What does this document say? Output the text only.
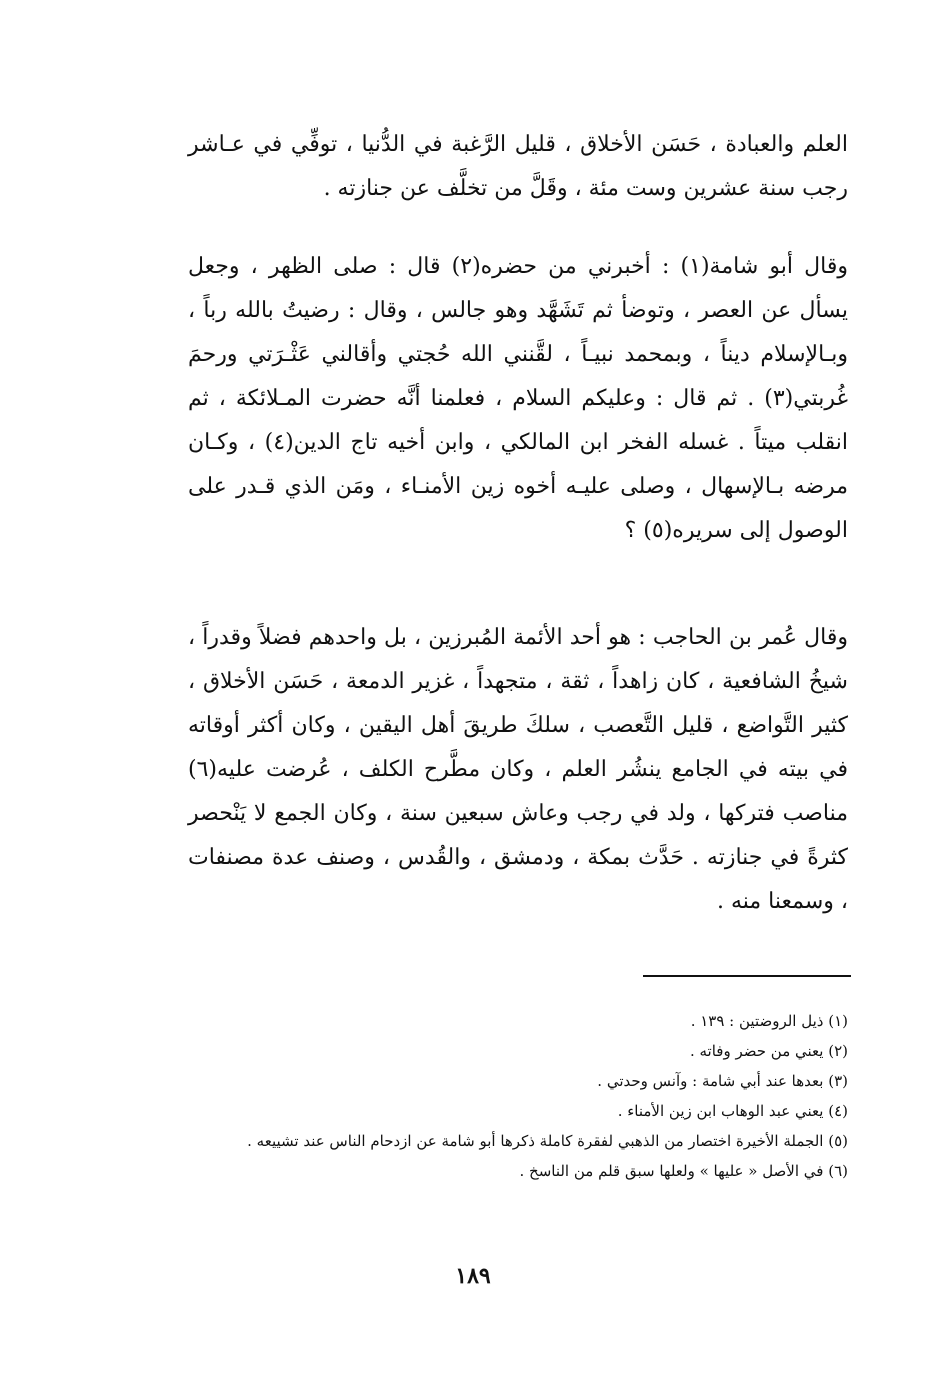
العلم والعبادة ، حَسَن الأخلاق ، قليل الرَّغبة في الدُّنيا ، توفِّي في عـاشر رجب سنة عشرين وست مئة ، وقَلَّ من تخلَّف عن جنازته .

وقال أبو شامة(١) : أخبرني من حضره(٢) قال : صلى الظهر ، وجعل يسأل عن العصر ، وتوضأ ثم تَشَهَّد وهو جالس ، وقال : رضيتُ بالله رباً ، وبـالإسلام ديناً ، وبمحمد نبيـاً ، لقَّنني الله حُجتي وأقالني عَثْـرَتي ورحمَ غُربتي(٣) . ثم قال : وعليكم السلام ، فعلمنا أنَّه حضرت المـلائكة ، ثم انقلب ميتاً . غسله الفخر ابن المالكي ، وابن أخيه تاج الدين(٤) ، وكـان مرضه بـالإسهال ، وصلى عليـه أخوه زين الأمنـاء ، ومَن الذي قـدر على الوصول إلى سريره(٥) ؟

وقال عُمر بن الحاجب : هو أحد الأئمة المُبرزين ، بل واحدهم فضلاً وقدراً ، شيخُ الشافعية ، كان زاهداً ، ثقة ، متجهداً ، غزير الدمعة ، حَسَن الأخلاق ، كثير التَّواضع ، قليل التَّعصب ، سلكَ طريقَ أهل اليقين ، وكان أكثر أوقاته في بيته في الجامع ينشُر العلم ، وكان مطَّرح الكلف ، عُرضت عليه(٦) مناصب فتركها ، ولد في رجب وعاش سبعين سنة ، وكان الجمع لا يَنْحصر كثرةً في جنازته . حَدَّث بمكة ، ودمشق ، والقُدس ، وصنف عدة مصنفات ، وسمعنا منه .

(١) ذيل الروضتين : ١٣٩ .

(٢) يعني من حضر وفاته .

(٣) بعدها عند أبي شامة : وآنس وحدتي .

(٤) يعني عبد الوهاب ابن زين الأمناء .

(٥) الجملة الأخيرة اختصار من الذهبي لفقرة كاملة ذكرها أبو شامة عن ازدحام الناس عند تشييعه .

(٦) في الأصل « عليها » ولعلها سبق قلم من الناسخ .

١٨٩
